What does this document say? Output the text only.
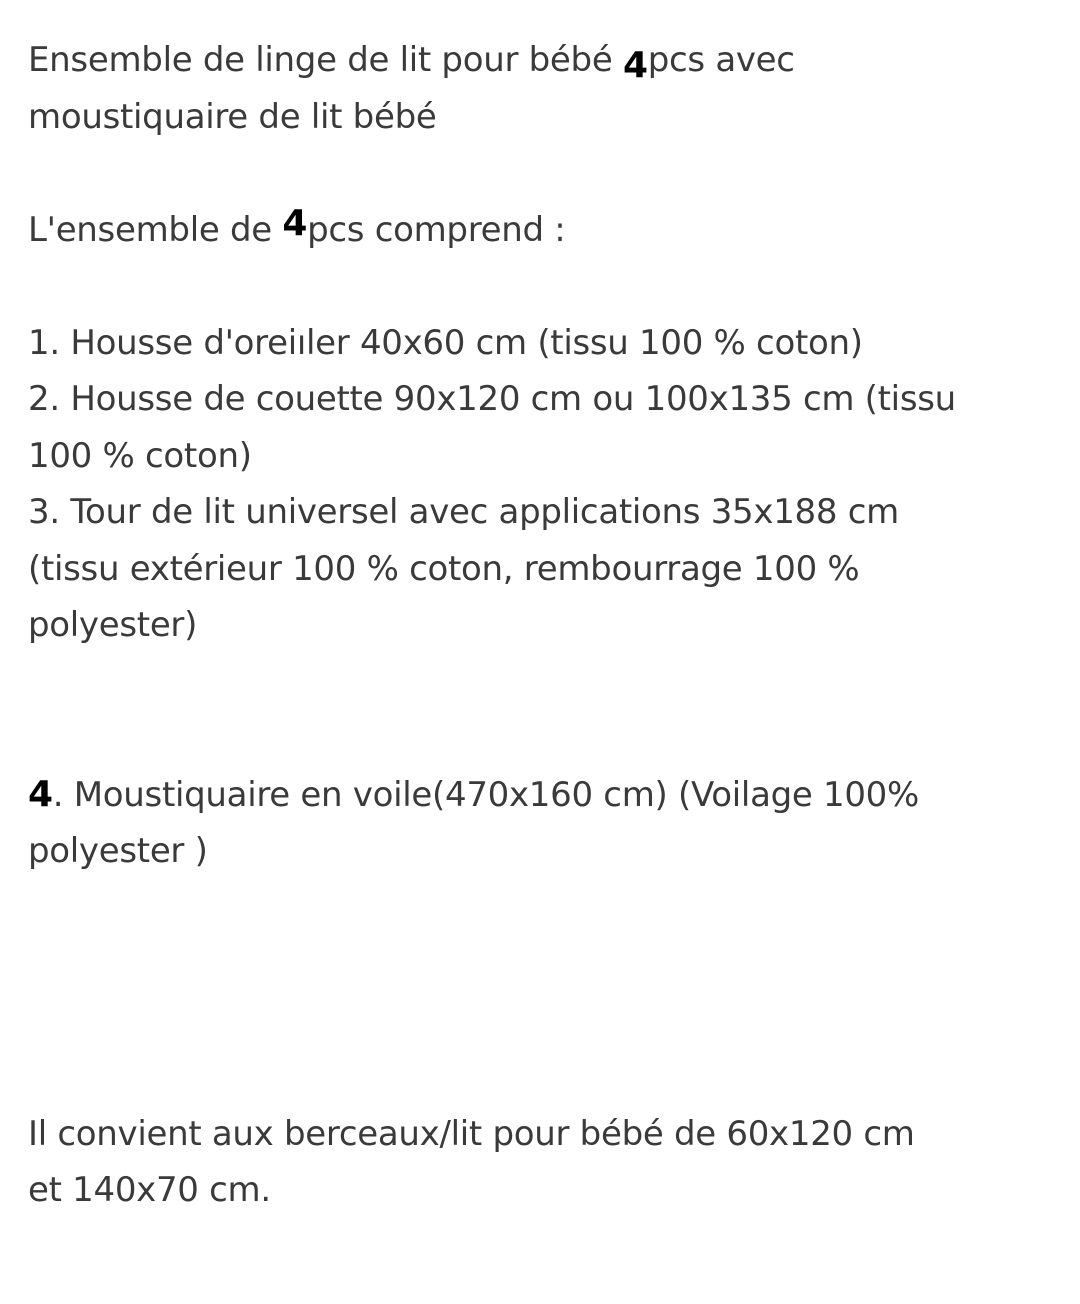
Ensemble de linge de lit pour bébé 4pcs avec
moustiquaire de lit bébé
L'ensemble de 4pcs comprend :
1. Housse d'oreiıler 40x60 cm (tissu 100 % coton)
2. Housse de couette 90x120 cm ou 100x135 cm (tissu
100 % coton)
3. Tour de lit universel avec applications 35x188 cm
(tissu extérieur 100 % coton, rembourrage 100 %
polyester)
4. Moustiquaire en voile(470x160 cm) (Voilage 100%
polyester )
Il convient aux berceaux/lit pour bébé de 60x120 cm
et 140x70 cm.
